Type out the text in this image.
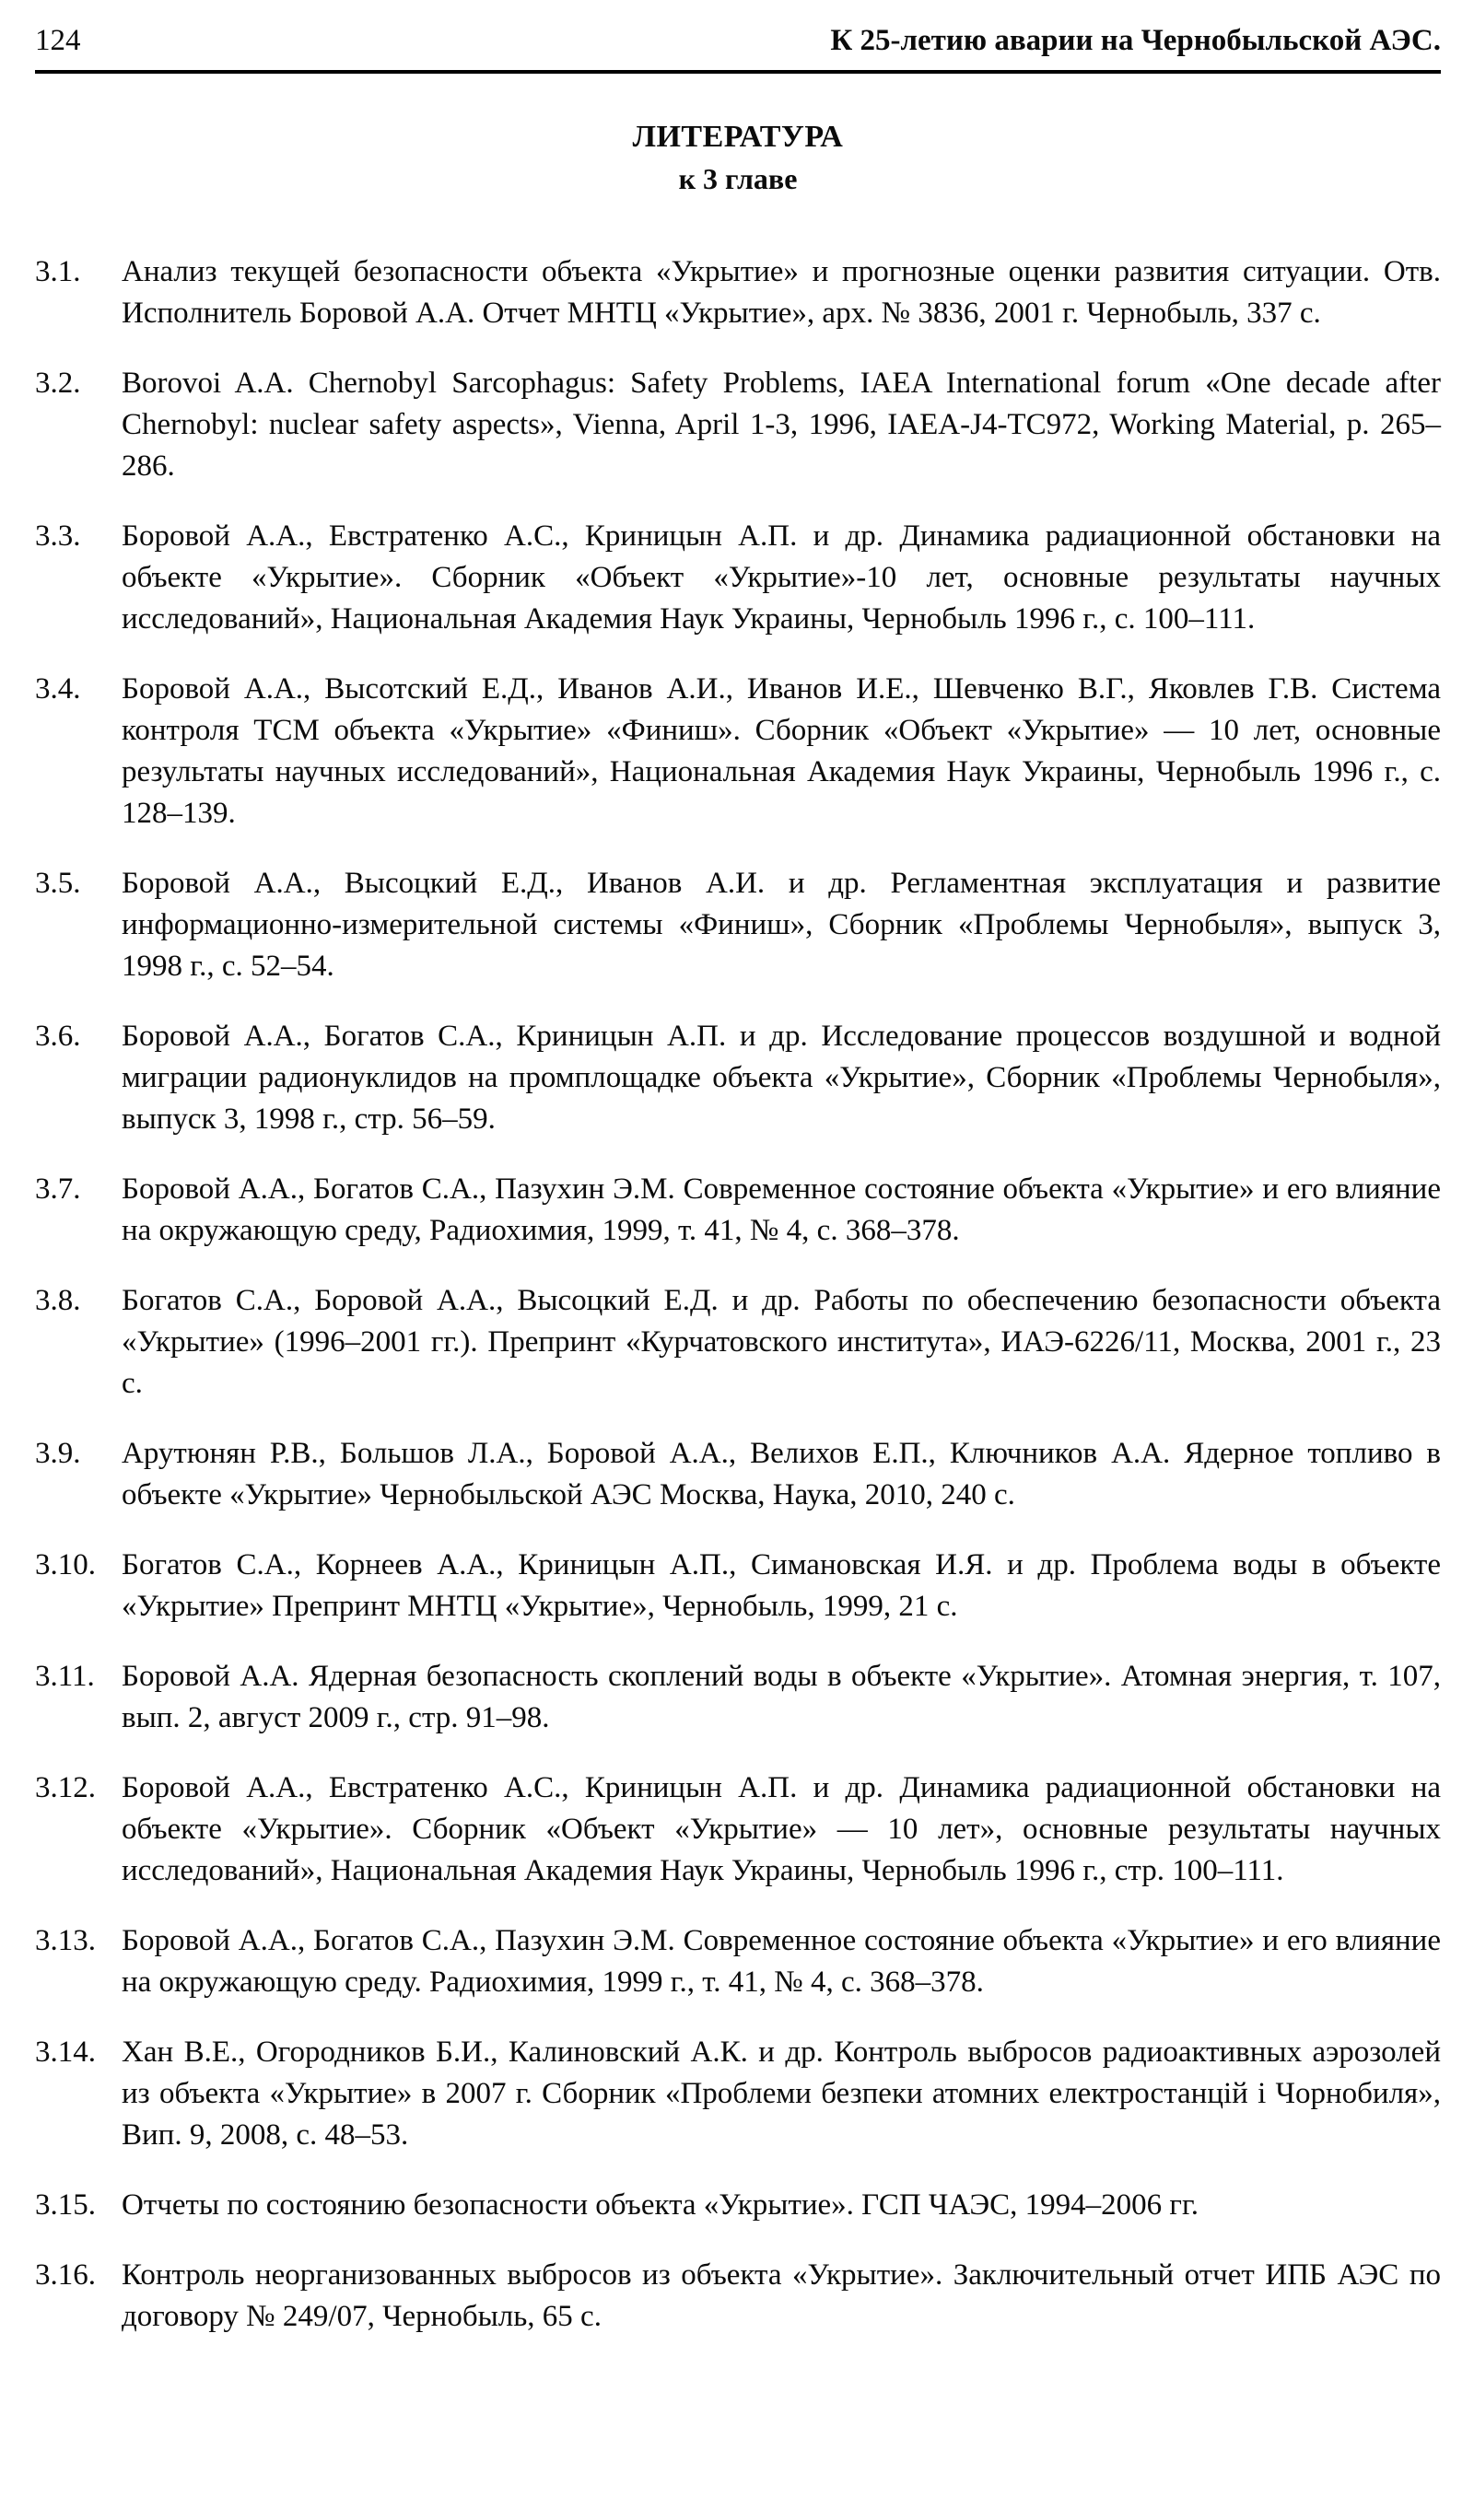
124	К 25-летию аварии на Чернобыльской АЭС.
ЛИТЕРАТУРА
к 3 главе
3.1.	Анализ текущей безопасности объекта «Укрытие» и прогнозные оценки развития ситуации. Отв. Исполнитель Боровой А.А. Отчет МНТЦ «Укрытие», арх. № 3836, 2001 г. Чернобыль, 337 с.
3.2.	Borovoi A.A. Chernobyl Sarcophagus: Safety Problems, IAEA International forum «One decade after Chernobyl: nuclear safety aspects», Vienna, April 1-3, 1996, IAEA-J4-TC972, Working Material, p. 265–286.
3.3.	Боровой А.А., Евстратенко А.С., Криницын А.П. и др. Динамика радиационной обстановки на объекте «Укрытие». Сборник «Объект «Укрытие»-10 лет, основные результаты научных исследований», Национальная Академия Наук Украины, Чернобыль 1996 г., с. 100–111.
3.4.	Боровой А.А., Высотский Е.Д., Иванов А.И., Иванов И.Е., Шевченко В.Г., Яковлев Г.В. Система контроля ТСМ объекта «Укрытие» «Финиш». Сборник «Объект «Укрытие» — 10 лет, основные результаты научных исследований», Национальная Академия Наук Украины, Чернобыль 1996 г., с. 128–139.
3.5.	Боровой А.А., Высоцкий Е.Д., Иванов А.И. и др. Регламентная эксплуатация и развитие информационно-измерительной системы «Финиш», Сборник «Проблемы Чернобыля», выпуск 3, 1998 г., с. 52–54.
3.6.	Боровой А.А., Богатов С.А., Криницын А.П. и др. Исследование процессов воздушной и водной миграции радионуклидов на промплощадке объекта «Укрытие», Сборник «Проблемы Чернобыля», выпуск 3, 1998 г., стр. 56–59.
3.7.	Боровой А.А., Богатов С.А., Пазухин Э.М. Современное состояние объекта «Укрытие» и его влияние на окружающую среду, Радиохимия, 1999, т. 41, № 4, с. 368–378.
3.8.	Богатов С.А., Боровой А.А., Высоцкий Е.Д. и др. Работы по обеспечению безопасности объекта «Укрытие» (1996–2001 гг.). Препринт «Курчатовского института», ИАЭ-6226/11, Москва, 2001 г., 23 с.
3.9.	Арутюнян Р.В., Большов Л.А., Боровой А.А., Велихов Е.П., Ключников А.А. Ядерное топливо в объекте «Укрытие» Чернобыльской АЭС Москва, Наука, 2010, 240 с.
3.10. Богатов С.А., Корнеев А.А., Криницын А.П., Симановская И.Я. и др. Проблема воды в объекте «Укрытие» Препринт МНТЦ «Укрытие», Чернобыль, 1999, 21 с.
3.11. Боровой А.А. Ядерная безопасность скоплений воды в объекте «Укрытие». Атомная энергия, т. 107, вып. 2, август 2009 г., стр. 91–98.
3.12. Боровой А.А., Евстратенко А.С., Криницын А.П. и др. Динамика радиационной обстановки на объекте «Укрытие». Сборник «Объект «Укрытие» — 10 лет», основные результаты научных исследований», Национальная Академия Наук Украины, Чернобыль 1996 г., стр. 100–111.
3.13. Боровой А.А., Богатов С.А., Пазухин Э.М. Современное состояние объекта «Укрытие» и его влияние на окружающую среду. Радиохимия, 1999 г., т. 41, № 4, с. 368–378.
3.14. Хан В.Е., Огородников Б.И., Калиновский А.К. и др. Контроль выбросов радиоактивных аэрозолей из объекта «Укрытие» в 2007 г. Сборник «Проблеми безпеки атомних електростанцій і Чорнобиля», Вип. 9, 2008, с. 48–53.
3.15. Отчеты по состоянию безопасности объекта «Укрытие». ГСП ЧАЭС, 1994–2006 гг.
3.16. Контроль неорганизованных выбросов из объекта «Укрытие». Заключительный отчет ИПБ АЭС по договору № 249/07, Чернобыль, 65 с.
